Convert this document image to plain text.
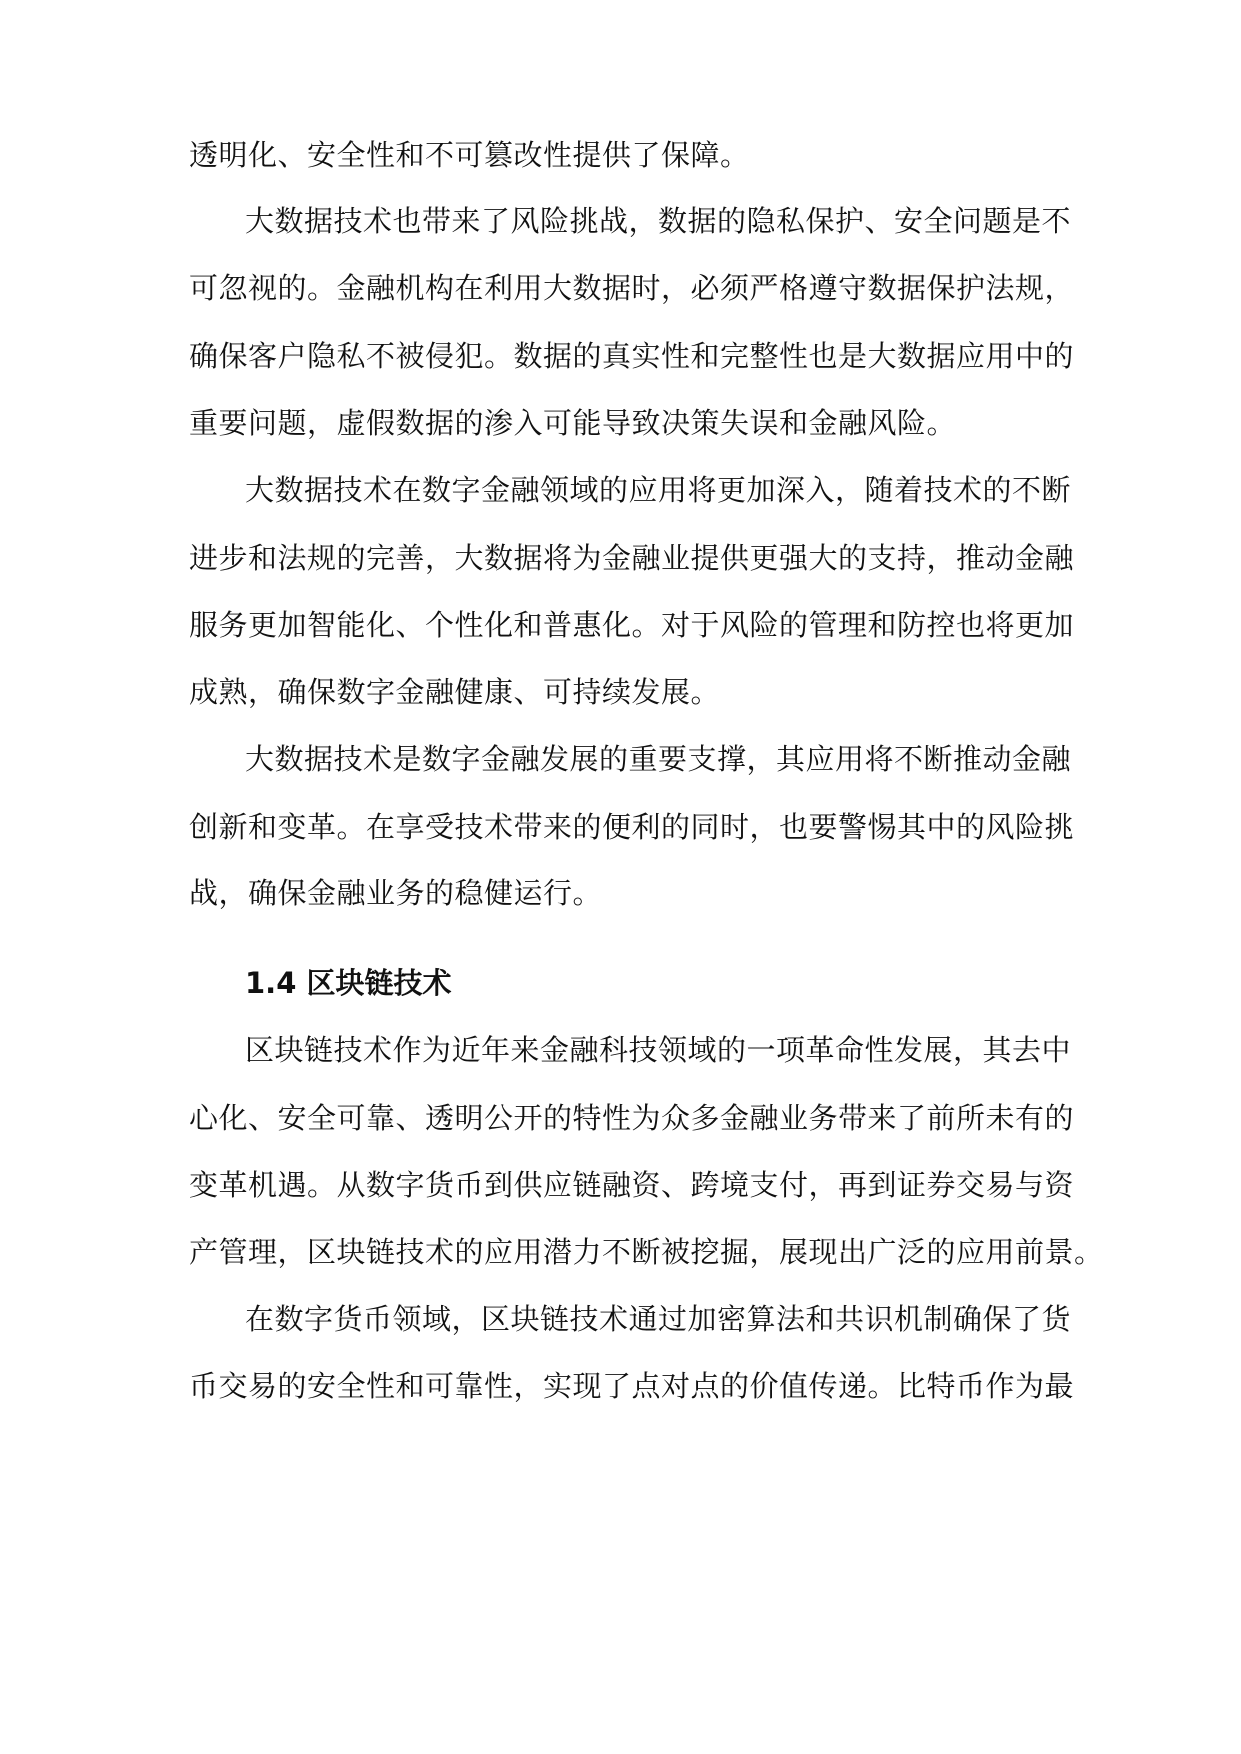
透明化、安全性和不可篡改性提供了保障。
大数据技术也带来了风险挑战，数据的隐私保护、安全问题是不
可忽视的。金融机构在利用大数据时，必须严格遵守数据保护法规，
确保客户隐私不被侵犯。数据的真实性和完整性也是大数据应用中的
重要问题，虚假数据的渗入可能导致决策失误和金融风险。
大数据技术在数字金融领域的应用将更加深入，随着技术的不断
进步和法规的完善，大数据将为金融业提供更强大的支持，推动金融
服务更加智能化、个性化和普惠化。对于风险的管理和防控也将更加
成熟，确保数字金融健康、可持续发展。
大数据技术是数字金融发展的重要支撑，其应用将不断推动金融
创新和变革。在享受技术带来的便利的同时，也要警惕其中的风险挑
战，确保金融业务的稳健运行。
1.4 区块链技术
区块链技术作为近年来金融科技领域的一项革命性发展，其去中
心化、安全可靠、透明公开的特性为众多金融业务带来了前所未有的
变革机遇。从数字货币到供应链融资、跨境支付，再到证券交易与资
产管理，区块链技术的应用潜力不断被挖掘，展现出广泛的应用前景。
在数字货币领域，区块链技术通过加密算法和共识机制确保了货
币交易的安全性和可靠性，实现了点对点的价值传递。比特币作为最
